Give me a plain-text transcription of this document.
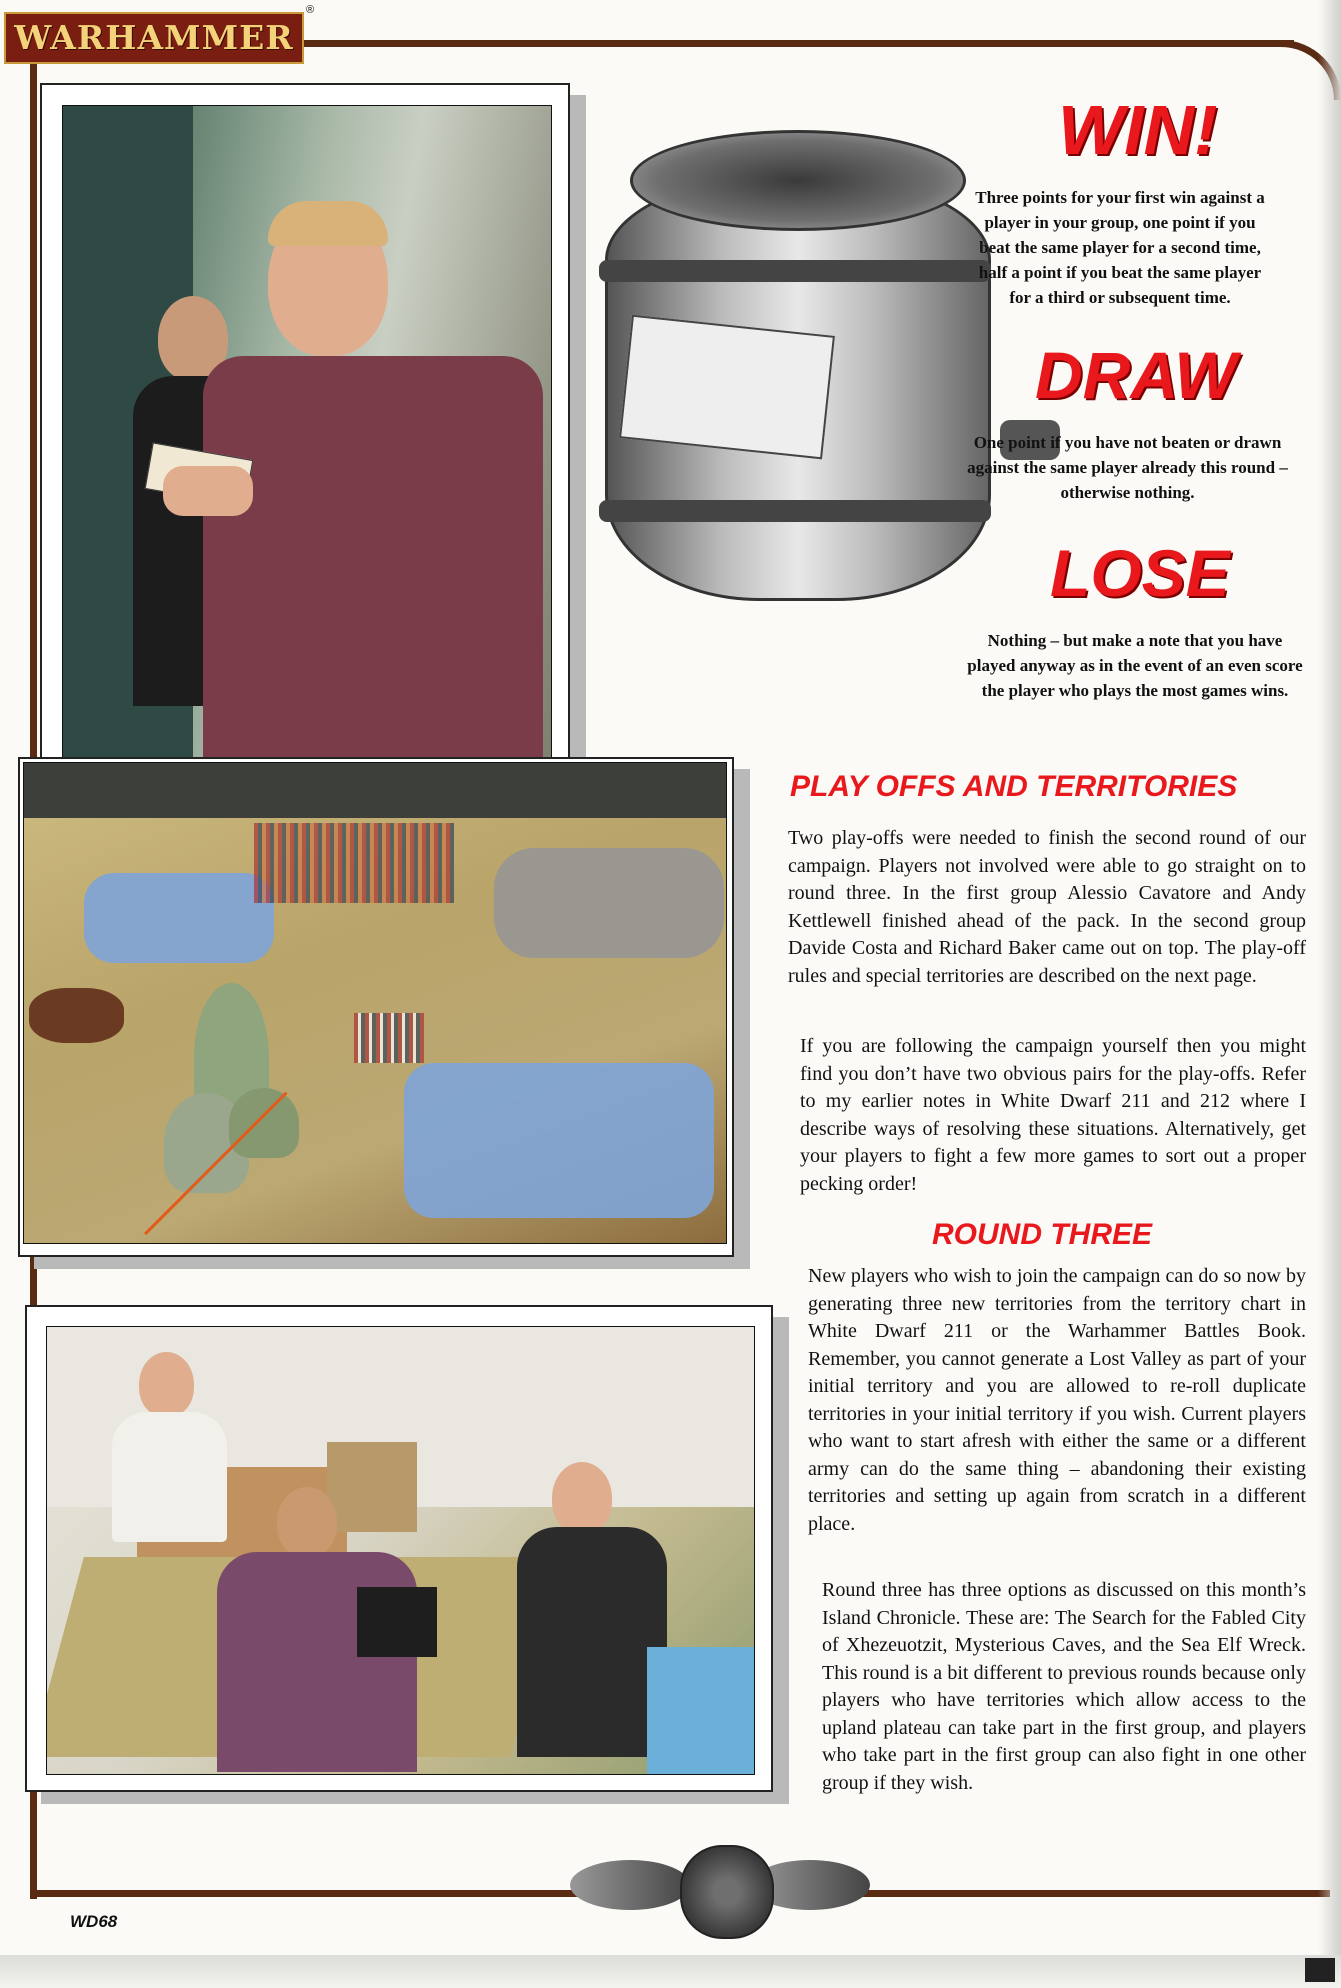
WARHAMMER
®
WIN!
Three points for your first win against a player in your group, one point if you beat the same player for a second time, half a point if you beat the same player for a third or subsequent time.
DRAW
One point if you have not beaten or drawn against the same player already this round – otherwise nothing.
LOSE
Nothing – but make a note that you have played anyway as in the event of an even score the player who plays the most games wins.
PLAY OFFS AND TERRITORIES

Two play-offs were needed to finish the second round of our campaign. Players not involved were able to go straight on to round three. In the first group Alessio Cavatore and Andy Kettlewell finished ahead of the pack. In the second group Davide Costa and Richard Baker came out on top. The play-off rules and special territories are described on the next page.

If you are following the campaign yourself then you might find you don’t have two obvious pairs for the play-offs. Refer to my earlier notes in White Dwarf 211 and 212 where I describe ways of resolving these situations. Alternatively, get your players to fight a few more games to sort out a proper pecking order!

ROUND THREE

New players who wish to join the campaign can do so now by generating three new territories from the territory chart in White Dwarf 211 or the Warhammer Battles Book. Remember, you cannot generate a Lost Valley as part of your initial territory and you are allowed to re-roll duplicate territories in your initial territory if you wish. Current players who want to start afresh with either the same or a different army can do the same thing – abandoning their existing territories and setting up again from scratch in a different place.

Round three has three options as discussed on this month’s Island Chronicle. These are: The Search for the Fabled City of Xhezeuotzit, Mysterious Caves, and the Sea Elf Wreck. This round is a bit different to previous rounds because only players who have territories which allow access to the upland plateau can take part in the first group, and players who take part in the first group can also fight in one other group if they wish.

WD68
